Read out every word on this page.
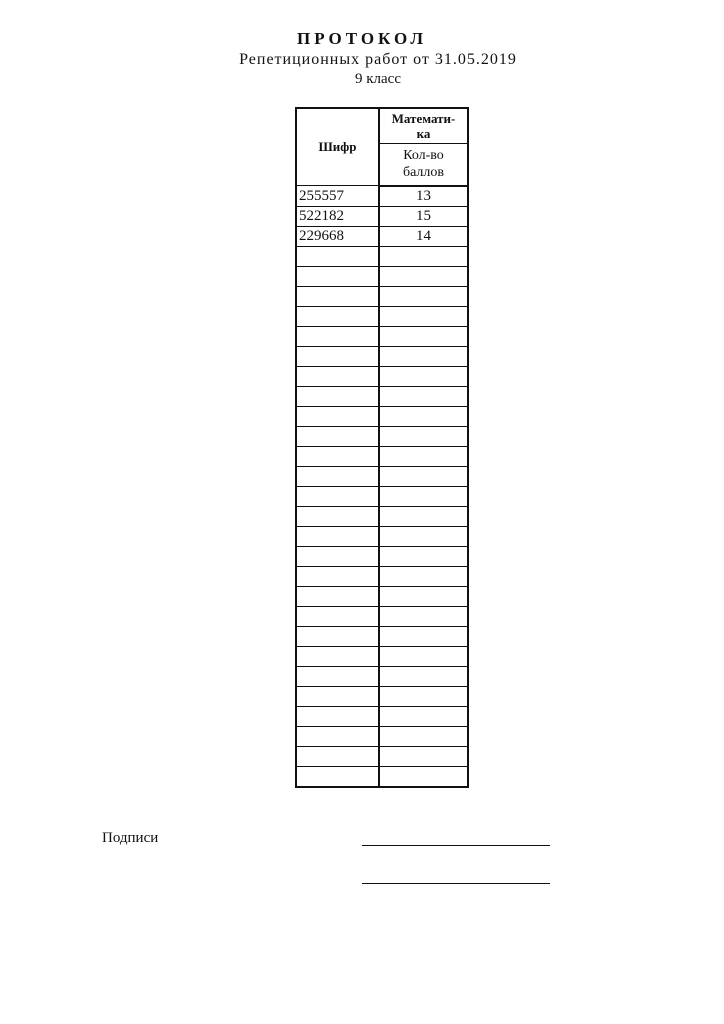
ПРОТОКОЛ
Репетиционных работ от 31.05.2019
9 класс
Шифр	Математи-
ка
	Кол-во
баллов
255557	13
522182	15
229668	14

Подписи
